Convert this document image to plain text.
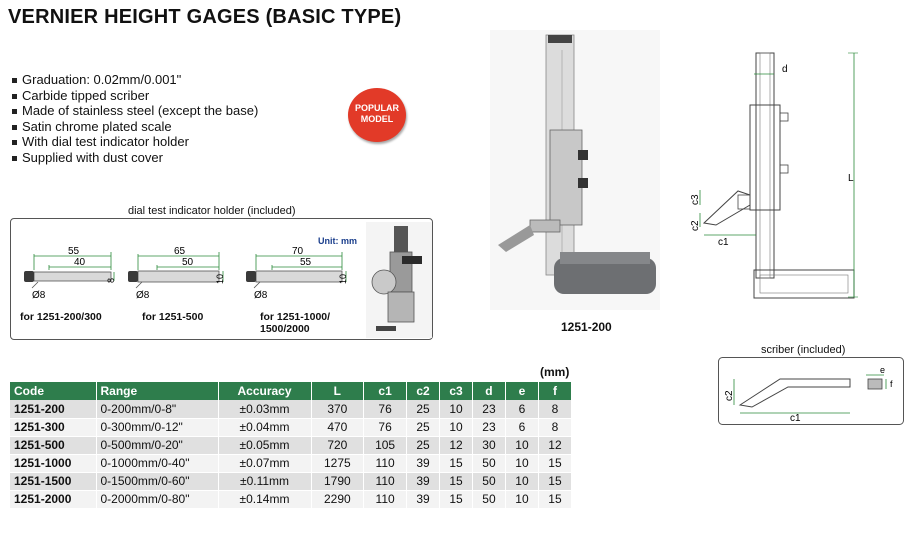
VERNIER HEIGHT GAGES (BASIC TYPE)
Graduation: 0.02mm/0.001"
Carbide tipped scriber
Made of stainless steel (except the base)
Satin chrome plated scale
With dial test indicator holder
Supplied with dust cover
POPULAR
MODEL
dial test indicator holder (included)
Unit: mm
55
40
8
Ø8
for 1251-200/300
65
50
10
Ø8
for 1251-500
70
55
10
Ø8
for 1251-1000/
1500/2000	1251-200
d
L
c1
c3
c2
scriber (included)
e
f
c1
c2
(mm)
Code	Range	Accuracy	L	c1	c2	c3	d	e	f
1251-200	0-200mm/0-8"	±0.03mm	370	76	25	10	23	6	8
1251-300	0-300mm/0-12"	±0.04mm	470	76	25	10	23	6	8
1251-500	0-500mm/0-20"	±0.05mm	720	105	25	12	30	10	12
1251-1000	0-1000mm/0-40"	±0.07mm	1275	110	39	15	50	10	15
1251-1500	0-1500mm/0-60"	±0.11mm	1790	110	39	15	50	10	15
1251-2000	0-2000mm/0-80"	±0.14mm	2290	110	39	15	50	10	15
